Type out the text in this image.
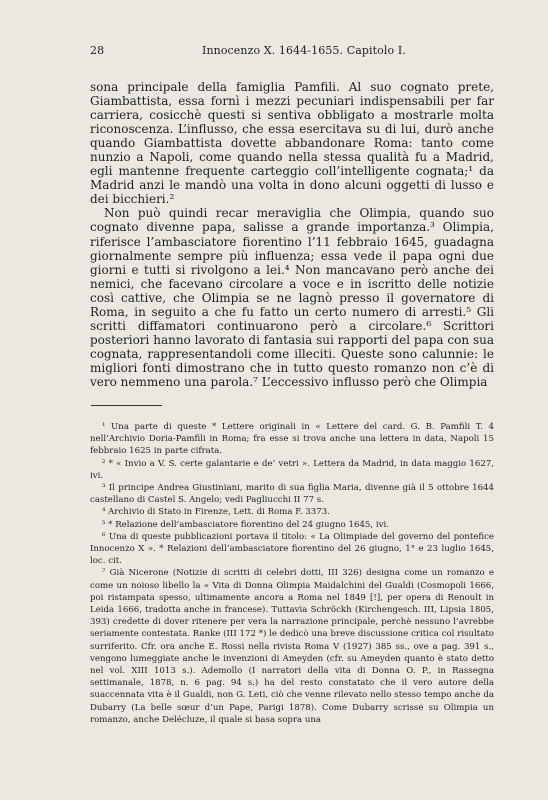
28	Innocenzo X. 1644-1655. Capitolo I.

sona principale della famiglia Pamfili. Al suo cognato prete, Giambattista, essa fornì i mezzi pecuniari indispensabili per far carriera, cosicchè questi si sentiva obbligato a mostrarle molta riconoscenza. L’influsso, che essa esercitava su di lui, durò anche quando Giambattista dovette abbandonare Roma: tanto come nunzio a Napoli, come quando nella stessa qualità fu a Madrid, egli mantenne frequente carteggio coll’intelligente cognata;¹ da Madrid anzi le mandò una volta in dono alcuni oggetti di lusso e dei bicchieri.²

Non può quindi recar meraviglia che Olimpia, quando suo cognato divenne papa, salisse a grande importanza.³ Olimpia, riferisce l’ambasciatore fiorentino l’11 febbraio 1645, guadagna giornalmente sempre più influenza; essa vede il papa ogni due giorni e tutti si rivolgono a lei.⁴ Non mancavano però anche dei nemici, che facevano circolare a voce e in iscritto delle notizie così cattive, che Olimpia se ne lagnò presso il governatore di Roma, in seguito a che fu fatto un certo numero di arresti.⁵ Gli scritti diffamatori continuarono però a circolare.⁶ Scrittori posteriori hanno lavorato di fantasia sui rapporti del papa con sua cognata, rappresentandoli come illeciti. Queste sono calunnie: le migliori fonti dimostrano che in tutto questo romanzo non c’è di vero nemmeno una parola.⁷ L’eccessivo influsso però che Olimpia

¹ Una parte di queste * Lettere originali in « Lettere del card. G. B. Pamfili T. 4 nell’Archivio Doria-Pamfili in Roma; fra esse si trova anche una lettera in data, Napoli 15 febbraio 1625 in parte cifrata.

² * « Invio a V. S. certe galantarie e de’ vetri ». Lettera da Madrid, in data maggio 1627, ivi.

³ Il principe Andrea Giustiniani, marito di sua figlia Maria, divenne già il 5 ottobre 1644 castellano di Castel S. Angelo; vedi Pagliucchi II 77 s.

⁴ Archivio di Stato in Firenze, Lett. di Roma F. 3373.

⁵ * Relazione dell’ambasciatore fiorentino del 24 giugno 1645, ivi.

⁶ Una di queste pubblicazioni portava il titolo: « La Olimpiade del governo del pontefice Innocenzo X ». * Relazioni dell’ambasciatore fiorentino del 26 giugno, 1° e 23 luglio 1645, loc. cit.

⁷ Già Nicerone (Notizie di scritti di celebri dotti, III 326) designa come un romanzo e come un noioso libello la « Vita di Donna Olimpia Maidalchini del Gualdi (Cosmopoli 1666, poi ristampata spesso, ultimamente ancora a Roma nel 1849 [!], per opera di Renoult in Leida 1666, tradotta anche in francese). Tuttavia Schröckh (Kirchengesch. III, Lipsia 1805, 393) credette di dover ritenere per vera la narrazione principale, perchè nessuno l’avrebbe seriamente contestata. Ranke (III 172 *) le dedicò una breve discussione critica col risultato surriferito. Cfr. ora anche E. Rossi nella rivista Roma V (1927) 385 ss., ove a pag. 391 s., vengono lumeggiate anche le invenzioni di Ameyden (cfr. su Ameyden quanto è stato detto nel vol. XIII 1013 s.). Ademollo (I narratori della vita di Donna O. P., in Rassegna settimanale, 1878, n. 6 pag. 94 s.) ha del resto constatato che il vero autore della suaccennata vita è il Gualdi, non G. Leti, ciò che venne rilevato nello stesso tempo anche da Dubarry (La belle sœur d’un Pape, Parigi 1878). Come Dubarry scrisse su Olimpia un romanzo, anche Delécluze, il quale si basa sopra una
